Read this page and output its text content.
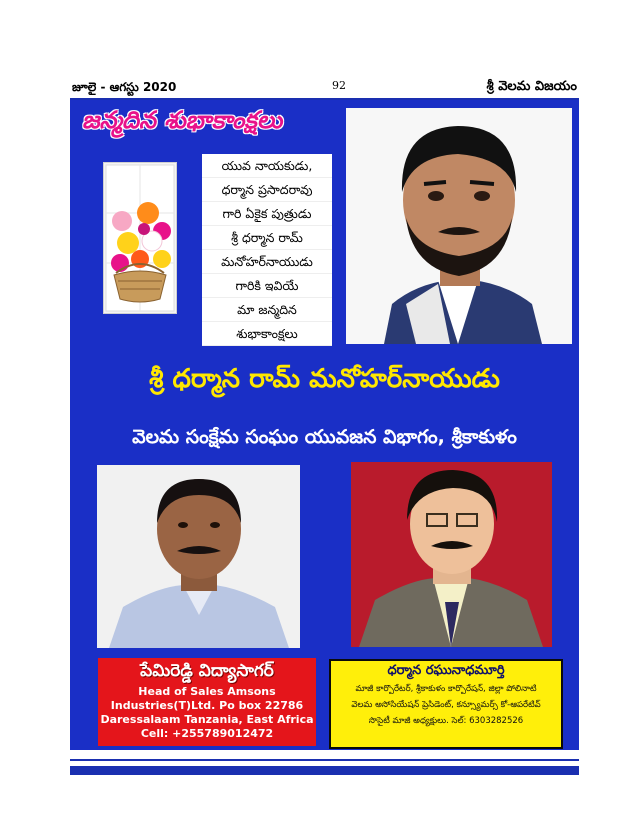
జూలై - ఆగస్టు 2020	92	శ్రీ వెలమ విజయం
జన్మదిన శుభాకాంక్షలు
యువ నాయకుడు,
ధర్మాన ప్రసాదరావు
గారి ఏకైక పుత్రుడు
శ్రీ ధర్మాన రామ్
మనోహర్‌నాయుడు
గారికి ఇవియే
మా జన్మదిన
శుభాకాంక్షలు
శ్రీ ధర్మాన రామ్ మనోహర్‌నాయుడు
వెలమ సంక్షేమ సంఘం యువజన విభాగం, శ్రీకాకుళం
పేమిరెడ్డి విద్యాసాగర్
Head of Sales Amsons
Industries(T)Ltd. Po box 22786
Daressalaam Tanzania, East Africa
Cell: +255789012472
ధర్మాన రఘునాధమూర్తి
మాజీ కార్పొరేటర్, శ్రీకాకుళం కార్పొరేషన్, జిల్లా పోలినాటి
వెలమ అసోసియేషన్ ప్రెసిడెంట్, కన్స్యూమర్స్ కో-ఆపరేటివ్
సొసైటీ మాజీ అధ్యక్షులు. సెల్: 6303282526
